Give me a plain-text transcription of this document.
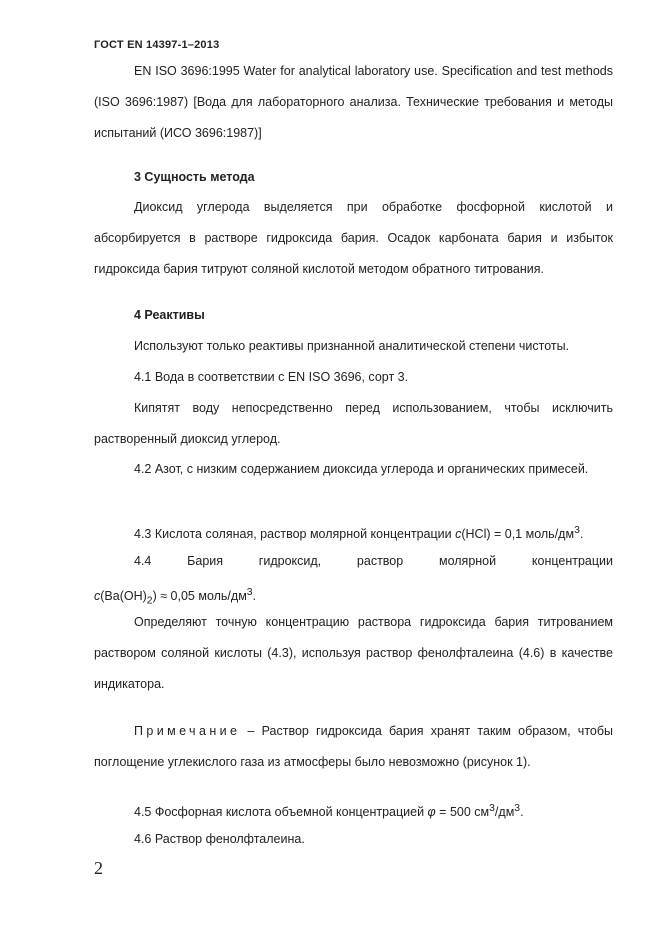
ГОСТ EN 14397-1–2013

EN ISO 3696:1995 Water for analytical laboratory use. Specification and test methods (ISO 3696:1987) [Вода для лабораторного анализа. Технические требования и методы испытаний (ИСО 3696:1987)]

3 Сущность метода

Диоксид углерода выделяется при обработке фосфорной кислотой и абсорбируется в растворе гидроксида бария. Осадок карбоната бария и избыток гидроксида бария титруют соляной кислотой методом обратного титрования.

4 Реактивы

Используют только реактивы признанной аналитической степени чистоты.

4.1 Вода в соответствии с EN ISO 3696, сорт 3.

Кипятят воду непосредственно перед использованием, чтобы исключить растворенный диоксид углерод.

4.2 Азот, с низким содержанием диоксида углерода и органических примесей.

4.3 Кислота соляная, раствор молярной концентрации c(HCl) = 0,1 моль/$дм^3$.

4.4 Бария гидроксид, раствор молярной концентрации

$c(Ba(OH)_2) \approx 0,05$ моль/$дм^3$.

Определяют точную концентрацию раствора гидроксида бария титрованием раствором соляной кислоты (4.3), используя раствор фенолфталеина (4.6) в качестве индикатора.

Примечание – Раствор гидроксида бария хранят таким образом, чтобы поглощение углекислого газа из атмосферы было невозможно (рисунок 1).

4.5 Фосфорная кислота объемной концентрацией φ = 500 $см^3/дм^3$.

4.6 Раствор фенолфталеина.

2
